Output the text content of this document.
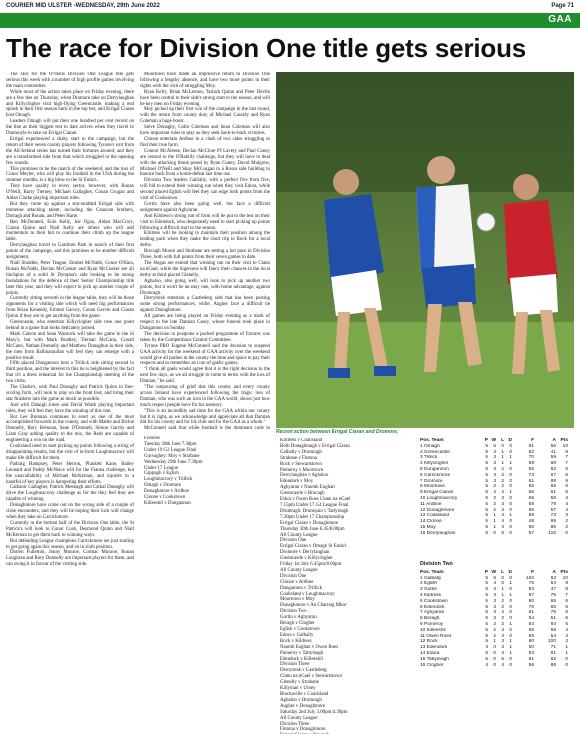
COURIER MID ULSTER -WEDNESDAY, 29th June 2022	Page 71
GAA
The race for Division One title gets serious

The race for the O'Neills Division One League title gets serious this week with a number of high profile games involving the main contenders.

While most of the action takes place on Friday evening, there are a few ties on Thursday, when Dromore take on Derrylaughan and Killyclogher visit high-flying Greencastle, making a real splash in their first season back in the top tier, and Errigal Ciaran host Omagh.

Leaders Omagh will put their one hundred per cent record on the line as their biggest test to date arrives when they travel to Dunmoyle to take on Errigal Ciaran.

Errigal experienced a shaky start to the campaign, but the return of their seven county players following Tyrone's exit from the All-Ireland series has turned their fortunes around, and they are a transformed side from that which struggled in the opening few rounds.

This promises to be the match of the weekend, and the loss of Conor Meyler, who will play his football in the USA during the summer months, is a big blow to the St Enda's.

They have quality in every sector, however, with Ronan O'Neill, Barry Tierney, Michael Gallagher, Conan Grugan and Aidan Clarke playing important roles.

But they come up against a star-studded Errigal side with immense attacking talent, including the Canavan brothers, Darragh and Ronan, and Peter Harte.

Ben McDonnell, Eoin Kelly, Joe Oguz, Aidan MacCrory, Ciaran Quinn and Niall Kelly are others who will add momentum to their bid to continue their climb up the league table.

Derrylaughan travel to Gardrum Park in search of their first points of the campaign, and this promises to be another difficult assignment.

Niall Sludden, Peter Teague, Emmet McNabb, Conor O'Hara, Ronan McNabb, Declan McCusker and Ryan McCusker are all linchpins of a solid St Dympna's side looking to be strong foundations for the defence of their Senior Championship title later this year, and they will expect to pick up another couple of points.

Currently sitting seventh in the league table, they will be those opponents for a visiting side which will need big performances from Brian Kennedy, Emmet Garvey, Conan Gervin and Ciaran Quinn if they are to get anything from the game.

Greencastle, who entertain Killyclogher side rose one point behind in a game that looks delicately poised.

Mark Carson and Sean Warnock will take the game to the St Mary's, but with Mark Bradley, Tiernan McCann, Conall McCann, Nathan Donnelly and Matthew Donaghue in their side, the men from Ballinamullan will feel they can emerge with a positive result.

Fifth placed Dungannon host a Trillick side sitting second in third position, and the interest in this tie is heightened by the fact that it's a dress rehearsal for the Championship meeting of the two clubs.

The Clarke's, with Paul Donaghy and Patrick Quinn in fine-scoring form, will look to play on the front foot, and bring their star finishers into the game as much as possible.

And with Dalaigh Jones and David Walsh playing important roles, they will feel they have the winning of this one.

But Lee Brennan continues to exert as one of the most accomplished forwards in the county, and with Mattie and Richie Donnelly, Rory Brennan, Sean O'Donnell, Simon Garrity and Liam Gray adding quality to the mix, the Reds are capable of engineering a win on the road.

Coalisland need to start picking up points following a string of disappointing results, but the visit of in-form Loughmacrory will make life difficult for them.

Padraig Hampsey, Peter Herron, Plunkett Kane, Bailey Leonard and Paddy McNeice will for the Fianna challenge, but the unavailability of Michael McKernan, and injuries to a handful of key players is hampering their efforts.

Cathaoir Gallagher, Patrick Meenagh and Cathal Donaghy will drive the Loughmacrory challenge as for the they feel they are capable of winning.

Donaghmore have come out on the wrong side of a couple of close encounters, and they will be hoping their luck will change when they take on Carrickmore.

Currently in the bottom half of the Division One table, the St Patrick's will look to Conor Cush, Desmond Quinn and Niall McKernan to get them back to winning ways.

But defending League champions Carrickmore are just starting to get going again this season, and sit in sixth position.

Darren Fullerton, Jonny Munroe, Cormac Munroe, Ronan Loughran and Rory Donnelly are important players for them, and can swing it in favour of the visiting side.

Moortown have made an impressive return to Division One following a lengthy absence, and have two more points in their sights with the visit of struggling Moy.

Ryan Kelly, Brian McLernon, Tarlach Quinn and Peter Devlin have been central to their side's strong start to the season, and will be key men on Friday evening.

Moy picked up their first win of the campaign in the last round, with the return from county duty of Michael Cassidy and Ryan Coleman a huge boost.

Steve Donaghy, Colm Coleman and Sean Coleman will also have important roles to play as they seek back-to-back victories.

Clonoe entertain Ardboe in a clash of two sides struggling to find their true form.

Connor McAleese, Declan McClure PJ Lavery and Paul Coney are central to the O'Rahilly challenge, but they will have to deal with the attacking threat posed by Ryan Coney, David Mulgrew, Michael O'Neill and Shay McGuigan in a Rossa side building to bounce back from a home-defeat last time out.

Division Two leaders Galbally, with a perfect five from five, will bid to extend their winning run when they visit Edora, while second placed Eglish will feel they can edge both points from the visit of Cookstown.

Gortin have also been going well, but face a difficult assignment against Aghyaran.

And Kildress's strong run of form will be put to the test on their visit to Edendork, who desperately need to start picking up points following a difficult start to the season.

Kildress will be looking to maintain their position among the leading pack when they make the short trip to Rock for a local derby.

Brocagh Moore and Strabane are setting a hot pace in Division Three, both with full points from their seven games to date.

The Hogas are extend that winning run on their visit to Clann na nGael, while the Sigersons will fancy their chances in the local derby at third placed Glenelly.

Aghaloo, also going well, will look to pick up another two points, but it won't be an easy one, with home advantage, against Drumragh.

Derrytresk entertain a Castlederg side that has been posting some strong performances, while, Augher face a difficult tie against Donaghmore.

All games are being played on Friday evening as a mark of respect to the late Damian Casey, whose funeral took place in Dungannon on Sunday.

The decision to postpone a packed programme of fixtures was taken by the Competitions Control Committee.

Tyrone PRO Eugene McConnell said the decision to suspend GAA activity for the weekend of GAA activity over the weekend would give all parties in the county the time and space to pay their respects and to remember an icon of gaelic games.

"I think all gaels would agree that it is the right decision to the next few days, as we all struggle to come to terms with the loss of Damian," he said.

"The outpouring of grief that this county and every county across Ireland have experienced following the tragic loss of Damian, who was such an icon in the GAA world, shows just how much respect people have for his memory.

"This is an incredibly sad time for the GAA within our county but it is right, as we acknowledge and appreciate all that Damian did for his county and for his club and for the GAA as a whole."

McConnell said that while football is the dominant code in

Fixtures

Tuesday 28th June 7.30pm

Under 19 G2 League Final

Gurvaghey: Moy v Strabane

Wednesday 29th June 7.30pm

Under 17 League

Cappagh v Eglish

Loughmacrory v Trillick

Omagh v Dromore

Donaghmore v Ardboe

Clonoe v Cookstown

Killeeshil v Dungannon

Kildress v Coalisland

Both Donaghmagh v Errigal Ciaran

Galbally v Drumragh

Strabane v Fintona

Rock v Stewartstown

Pomeroy v Moortown

Derrylaughan v Aghaloo

Edendork v Moy

Aghyaran v Naomh Eoghan

Greencastle v Brocagh

Eskra v Owen Roes Clann na nGael

7.15pm Under 17 G4 League Final

Drumragh: Drumquin v Tattyreagh

7.30pm Under 17 Championship

Errigal Ciaran v Donaghmore

Thursday 30th June 6.45/8.00pm

All County League

Division One

Errigal Ciaran v Omagh St Enda's

Dromore v Derrylaughan

Greencastle v Killyclogher

Friday 1st July 6.45pm/8.00pm

All County League

Division One

Clonoe v Ardboe

Dungannon v Trillick

Coalisland v Loughmacrory

Moortown v Moy

Donaghmore v An Charraig Mhor

Division Two

Gortin v Aghyaran

Beragh v Clogher

Eglish v Cookstown

Edora v Galbally

Rock v Kildress

Naomh Eoghan v Owen Roes

Pomeroy v Tattyreagh

Edendork v Killeeshil

Division Three

Derrytresk v Castlederg

Clann na nGael v Stewartstown

Glenelly v Strabane

Killyman v Urney

Brackaville v Coalisland

Aghaloo v Drumragh

Augher v Donaghmore

Saturday 2nd July 3.00pm/4.30pm

All County League

Division Three

Fintona v Donaghmore

Recent action between Errigal Ciaran and Dromore.
Pos. Team	P W	L D	F	A Pts
1 Omagh	5	5	0	0	91	56	10
2 Greencastle	5	4	1	0	82	41	8
3 Trillick	5	3	1	1	70	59	7
4 Killyclogher	5	3	1	1	69	60	7
5 Dungannon	5	3	2	0	55	62	6
6 Carrickmore	5	3	2	0	73	67	6
7 Dromore	5	3	2	0	61	69	6
8 Moortown	5	2	2	0	65	65	6
9 Errigal Ciaran	5	2	2	1	68	61	5
10 Loughmacrory	5	2	3	0	69	58	4
11 Ardboe	5	2	3	0	69	79	4
12 Donaghmore	5	2	3	0	56	57	4
13 Coalisland	5	1	3	1	58	73	3
14 Clonoe	5	1	4	0	48	69	2
15 Moy	5	1	4	0	56	85	2
16 Derrylaughan	5	0	5	0	57	110	0
Division Two
Pos. Team	P W	L D	F	A Pts
1 Galbally	5	5	0	0	102	63	10
2 Eglish	5	4	0	1	76	54	9
3 Gortin	5	4	1	0	84	47	8
4 Kildress	5	3	1	1	87	75	7
5 Cookstown	5	3	2	0	80	65	6
6 Edendork	5	3	2	0	76	68	6
7 Aghyaran	5	3	2	0	81	76	6
8 Beragh	5	3	2	0	54	51	6
9 Pomeroy	5	2	2	1	64	64	5
10 Killeeshil	5	2	3	0	55	58	4
11 Owen Roes	5	2	3	0	55	54	4
12 Rock	5	1	3	1	80	100	3
13 Edendork	4	0	3	1	50	71	1
14 Edora	5	0	4	1	53	81	1
15 Tattyreagh	5	0	5	0	61	82	0
16 Clogher	4	0	4	0	56	88	0
